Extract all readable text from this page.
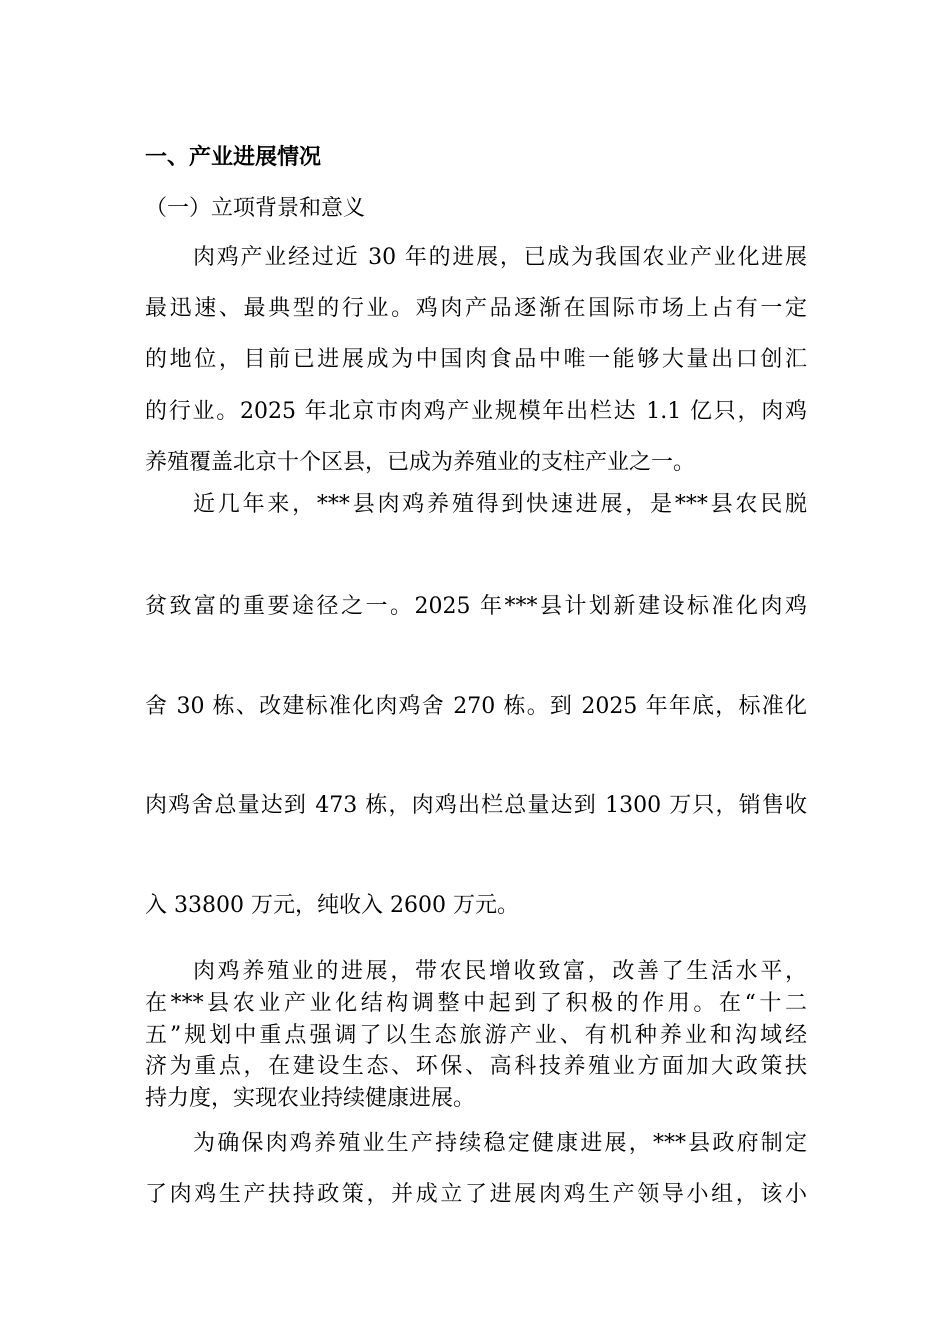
一、产业进展情况
（一）立项背景和意义
肉鸡产业经过近 30 年的进展，已成为我国农业产业化进展
最迅速、最典型的行业。鸡肉产品逐渐在国际市场上占有一定
的地位，目前已进展成为中国肉食品中唯一能够大量出口创汇
的行业。2025 年北京市肉鸡产业规模年出栏达 1.1 亿只，肉鸡
养殖覆盖北京十个区县，已成为养殖业的支柱产业之一。
近几年来，***县肉鸡养殖得到快速进展，是***县农民脱
贫致富的重要途径之一。2025 年***县计划新建设标准化肉鸡
舍 30 栋、改建标准化肉鸡舍 270 栋。到 2025 年年底，标准化
肉鸡舍总量达到 473 栋，肉鸡出栏总量达到 1300 万只，销售收
入 33800 万元，纯收入 2600 万元。
肉鸡养殖业的进展，带农民增收致富，改善了生活水平，
在***县农业产业化结构调整中起到了积极的作用。在“十二
五”规划中重点强调了以生态旅游产业、有机种养业和沟域经
济为重点，在建设生态、环保、高科技养殖业方面加大政策扶
持力度，实现农业持续健康进展。
为确保肉鸡养殖业生产持续稳定健康进展，***县政府制定
了肉鸡生产扶持政策，并成立了进展肉鸡生产领导小组，该小
